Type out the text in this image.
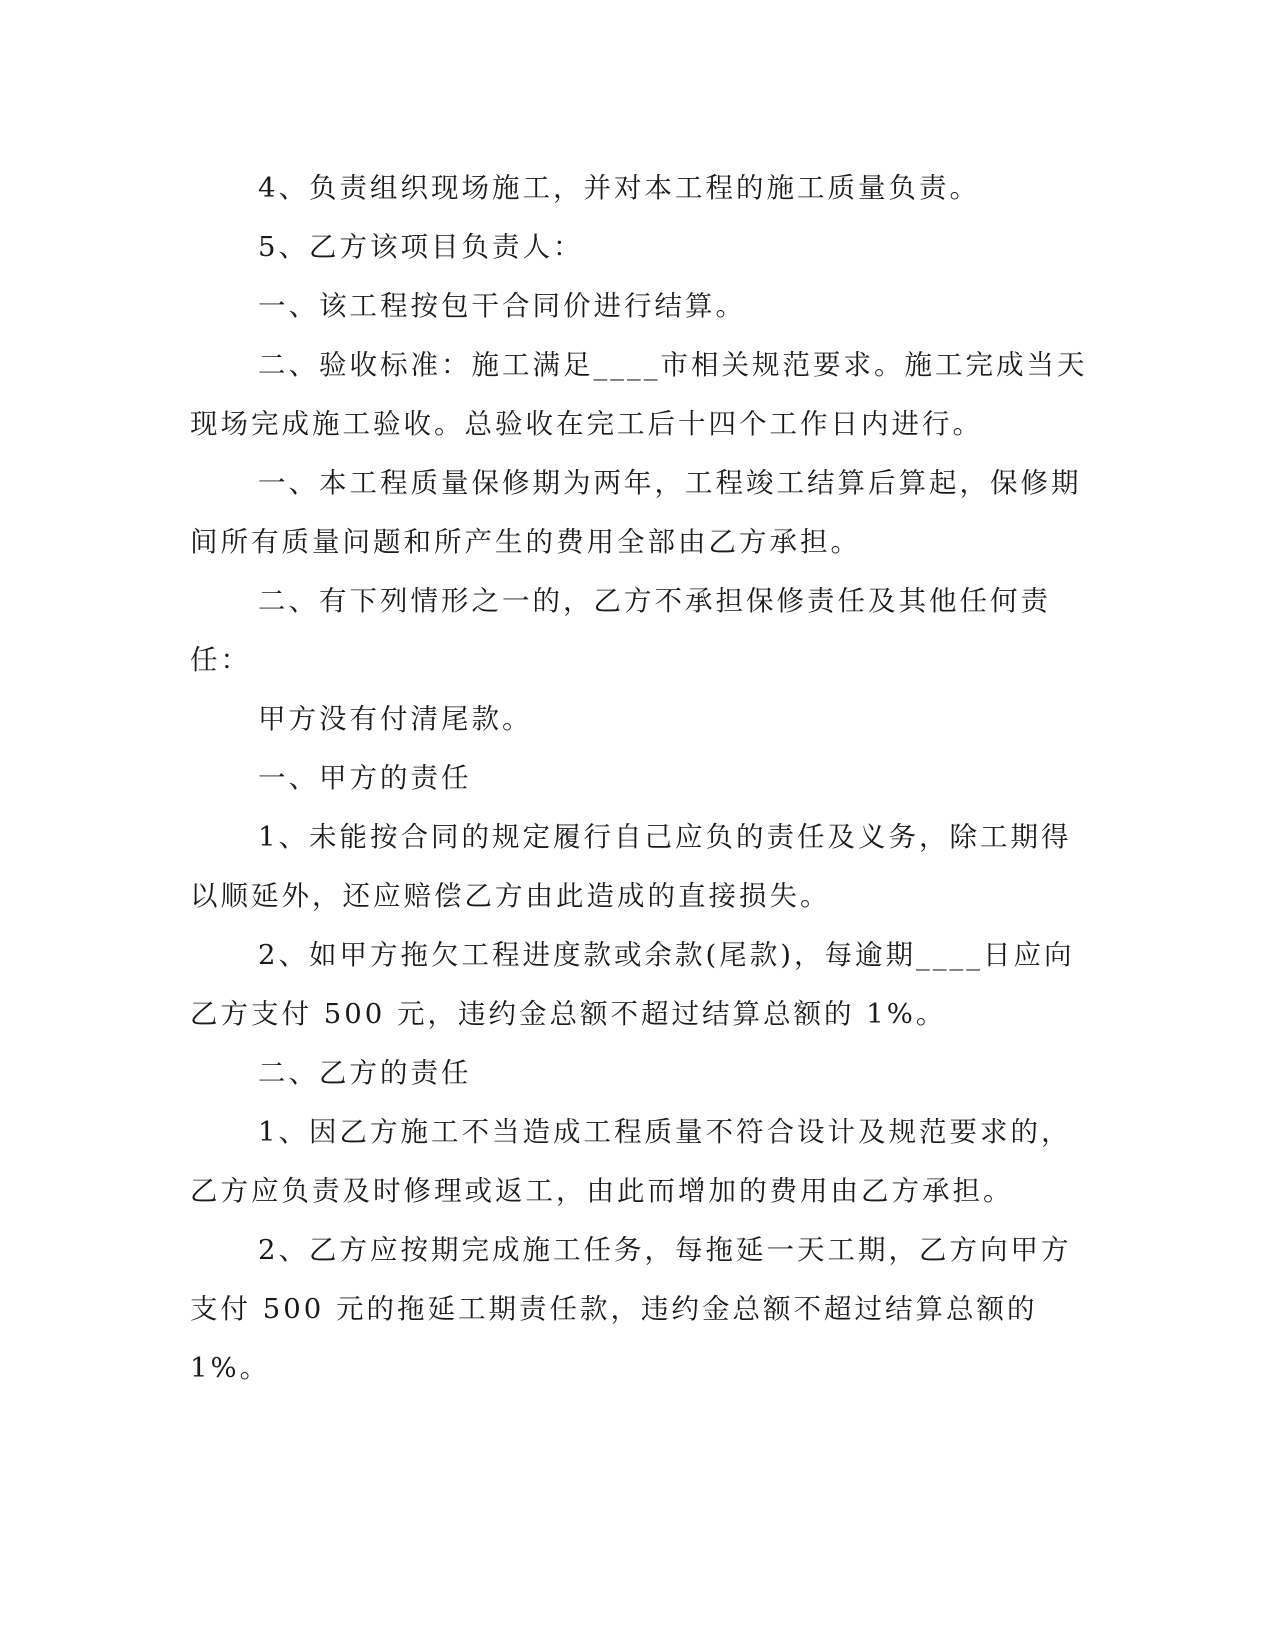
4、负责组织现场施工，并对本工程的施工质量负责。

5、乙方该项目负责人：

一、该工程按包干合同价进行结算。

二、验收标准：施工满足____市相关规范要求。施工完成当天现场完成施工验收。总验收在完工后十四个工作日内进行。

一、本工程质量保修期为两年，工程竣工结算后算起，保修期间所有质量问题和所产生的费用全部由乙方承担。

二、有下列情形之一的，乙方不承担保修责任及其他任何责任：

甲方没有付清尾款。

一、甲方的责任

1、未能按合同的规定履行自己应负的责任及义务，除工期得以顺延外，还应赔偿乙方由此造成的直接损失。

2、如甲方拖欠工程进度款或余款(尾款)，每逾期____日应向乙方支付 500 元，违约金总额不超过结算总额的 1%。

二、乙方的责任

1、因乙方施工不当造成工程质量不符合设计及规范要求的，乙方应负责及时修理或返工，由此而增加的费用由乙方承担。

2、乙方应按期完成施工任务，每拖延一天工期，乙方向甲方支付 500 元的拖延工期责任款，违约金总额不超过结算总额的 1%。
